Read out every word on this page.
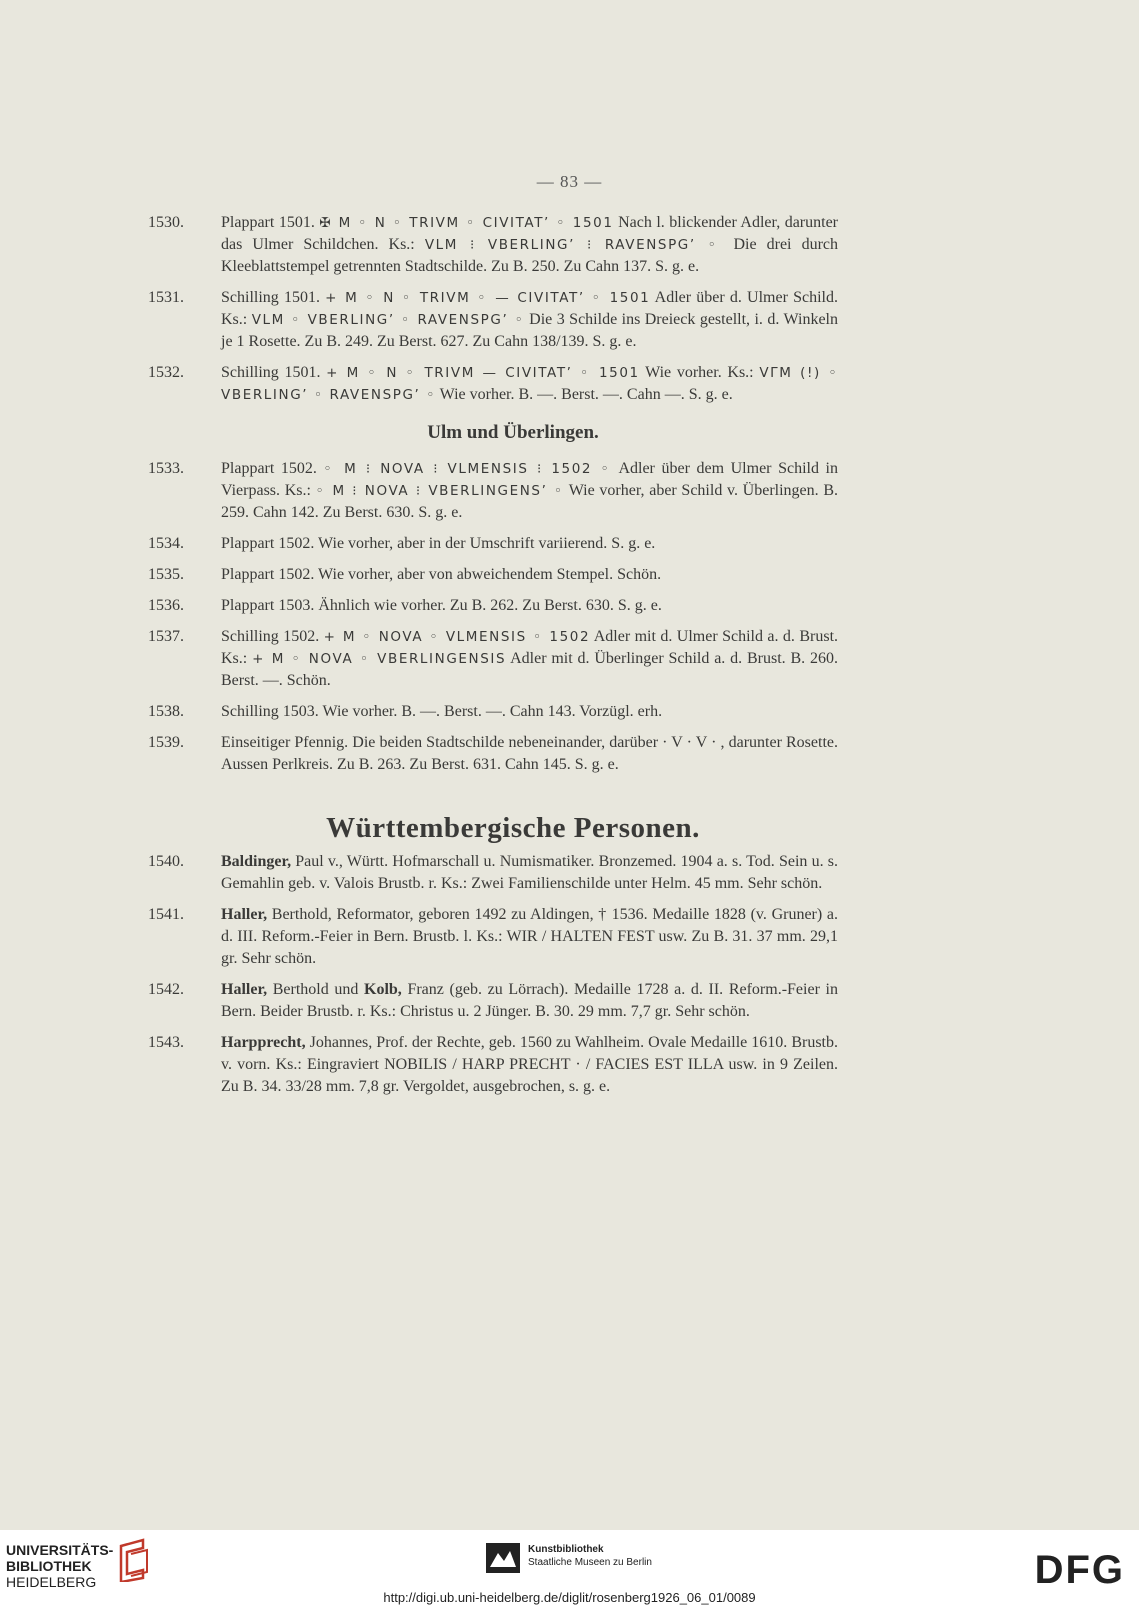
— 83 —
1530.	Plappart 1501. ✠ M ◦ N ◦ TRIVM ◦ CIVITAT’ ◦ 1501 Nach l. blickender Adler, darunter das Ulmer Schildchen. Ks.: VLM ⁝ VBERLING’ ⁝ RAVENSPG’ ◦ Die drei durch Kleeblattstempel getrennten Stadtschilde. Zu B. 250. Zu Cahn 137. S. g. e.
1531.	Schilling 1501. + M ◦ N ◦ TRIVM ◦ — CIVITAT’ ◦ 1501 Adler über d. Ulmer Schild. Ks.: VLM ◦ VBERLING’ ◦ RAVENSPG’ ◦ Die 3 Schilde ins Dreieck gestellt, i. d. Winkeln je 1 Rosette. Zu B. 249. Zu Berst. 627. Zu Cahn 138/139. S. g. e.
1532.	Schilling 1501. + M ◦ N ◦ TRIVM — CIVITAT’ ◦ 1501 Wie vorher. Ks.: VΓM (!) ◦ VBERLING’ ◦ RAVENSPG’ ◦ Wie vorher. B. —. Berst. —. Cahn —. S. g. e.
Ulm und Überlingen.
1533.	Plappart 1502. ◦ M ⁝ NOVA ⁝ VLMENSIS ⁝ 1502 ◦ Adler über dem Ulmer Schild in Vierpass. Ks.: ◦ M ⁝ NOVA ⁝ VBERLINGENS’ ◦ Wie vorher, aber Schild v. Überlingen. B. 259. Cahn 142. Zu Berst. 630. S. g. e.
1534.	Plappart 1502. Wie vorher, aber in der Umschrift variierend. S. g. e.
1535.	Plappart 1502. Wie vorher, aber von abweichendem Stempel. Schön.
1536.	Plappart 1503. Ähnlich wie vorher. Zu B. 262. Zu Berst. 630. S. g. e.
1537.	Schilling 1502. + M ◦ NOVA ◦ VLMENSIS ◦ 1502 Adler mit d. Ulmer Schild a. d. Brust. Ks.: + M ◦ NOVA ◦ VBERLINGENSIS Adler mit d. Überlinger Schild a. d. Brust. B. 260. Berst. —. Schön.
1538.	Schilling 1503. Wie vorher. B. —. Berst. —. Cahn 143. Vorzügl. erh.
1539.	Einseitiger Pfennig. Die beiden Stadtschilde nebeneinander, darüber · V · V · , darunter Rosette. Aussen Perlkreis. Zu B. 263. Zu Berst. 631. Cahn 145. S. g. e.
Württembergische Personen.
1540.	Baldinger, Paul v., Württ. Hofmarschall u. Numismatiker. Bronzemed. 1904 a. s. Tod. Sein u. s. Gemahlin geb. v. Valois Brustb. r. Ks.: Zwei Familienschilde unter Helm. 45 mm. Sehr schön.
1541.	Haller, Berthold, Reformator, geboren 1492 zu Aldingen, † 1536. Medaille 1828 (v. Gruner) a. d. III. Reform.-Feier in Bern. Brustb. l. Ks.: WIR / HALTEN FEST usw. Zu B. 31. 37 mm. 29,1 gr. Sehr schön.
1542.	Haller, Berthold und Kolb, Franz (geb. zu Lörrach). Medaille 1728 a. d. II. Reform.-Feier in Bern. Beider Brustb. r. Ks.: Christus u. 2 Jünger. B. 30. 29 mm. 7,7 gr. Sehr schön.
1543.	Harpprecht, Johannes, Prof. der Rechte, geb. 1560 zu Wahlheim. Ovale Medaille 1610. Brustb. v. vorn. Ks.: Eingraviert NOBILIS / HARP PRECHT · / FACIES EST ILLA usw. in 9 Zeilen. Zu B. 34. 33/28 mm. 7,8 gr. Vergoldet, ausgebrochen, s. g. e.
UNIVERSITÄTS-
BIBLIOTHEK
HEIDELBERG
Kunstbibliothek
Staatliche Museen zu Berlin	DFG
http://digi.ub.uni-heidelberg.de/diglit/rosenberg1926_06_01/0089
